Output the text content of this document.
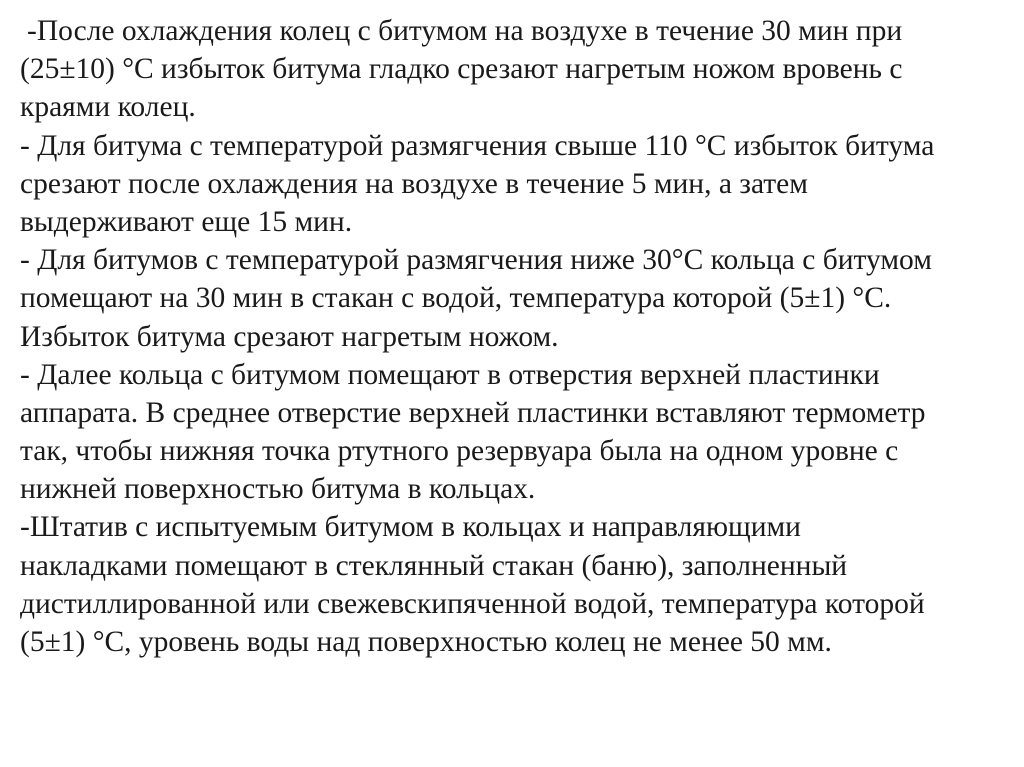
-После охлаждения колец с битумом на воздухе в течение 30 мин при

(25±10) °С избыток битума гладко срезают нагретым ножом вровень с

краями колец.

- Для битума с температурой размягчения свыше 110 °С избыток битума

срезают после охлаждения на воздухе в течение 5 мин, а затем

выдерживают еще 15 мин.

- Для битумов с температурой размягчения ниже 30°С кольца с битумом

помещают на 30 мин в стакан с водой, температура которой (5±1) °С.

Избыток битума срезают нагретым ножом.

- Далее кольца с битумом помещают в отверстия верхней пластинки

аппарата. В среднее отверстие верхней пластинки вставляют термометр

так, чтобы нижняя точка ртутного резервуара была на одном уровне с

нижней поверхностью битума в кольцах.

-Штатив с испытуемым битумом в кольцах и направляющими

накладками помещают в стеклянный стакан (баню), заполненный

дистиллированной или свежевскипяченной водой, температура которой

(5±1) °С, уровень воды над поверхностью колец не менее 50 мм.
